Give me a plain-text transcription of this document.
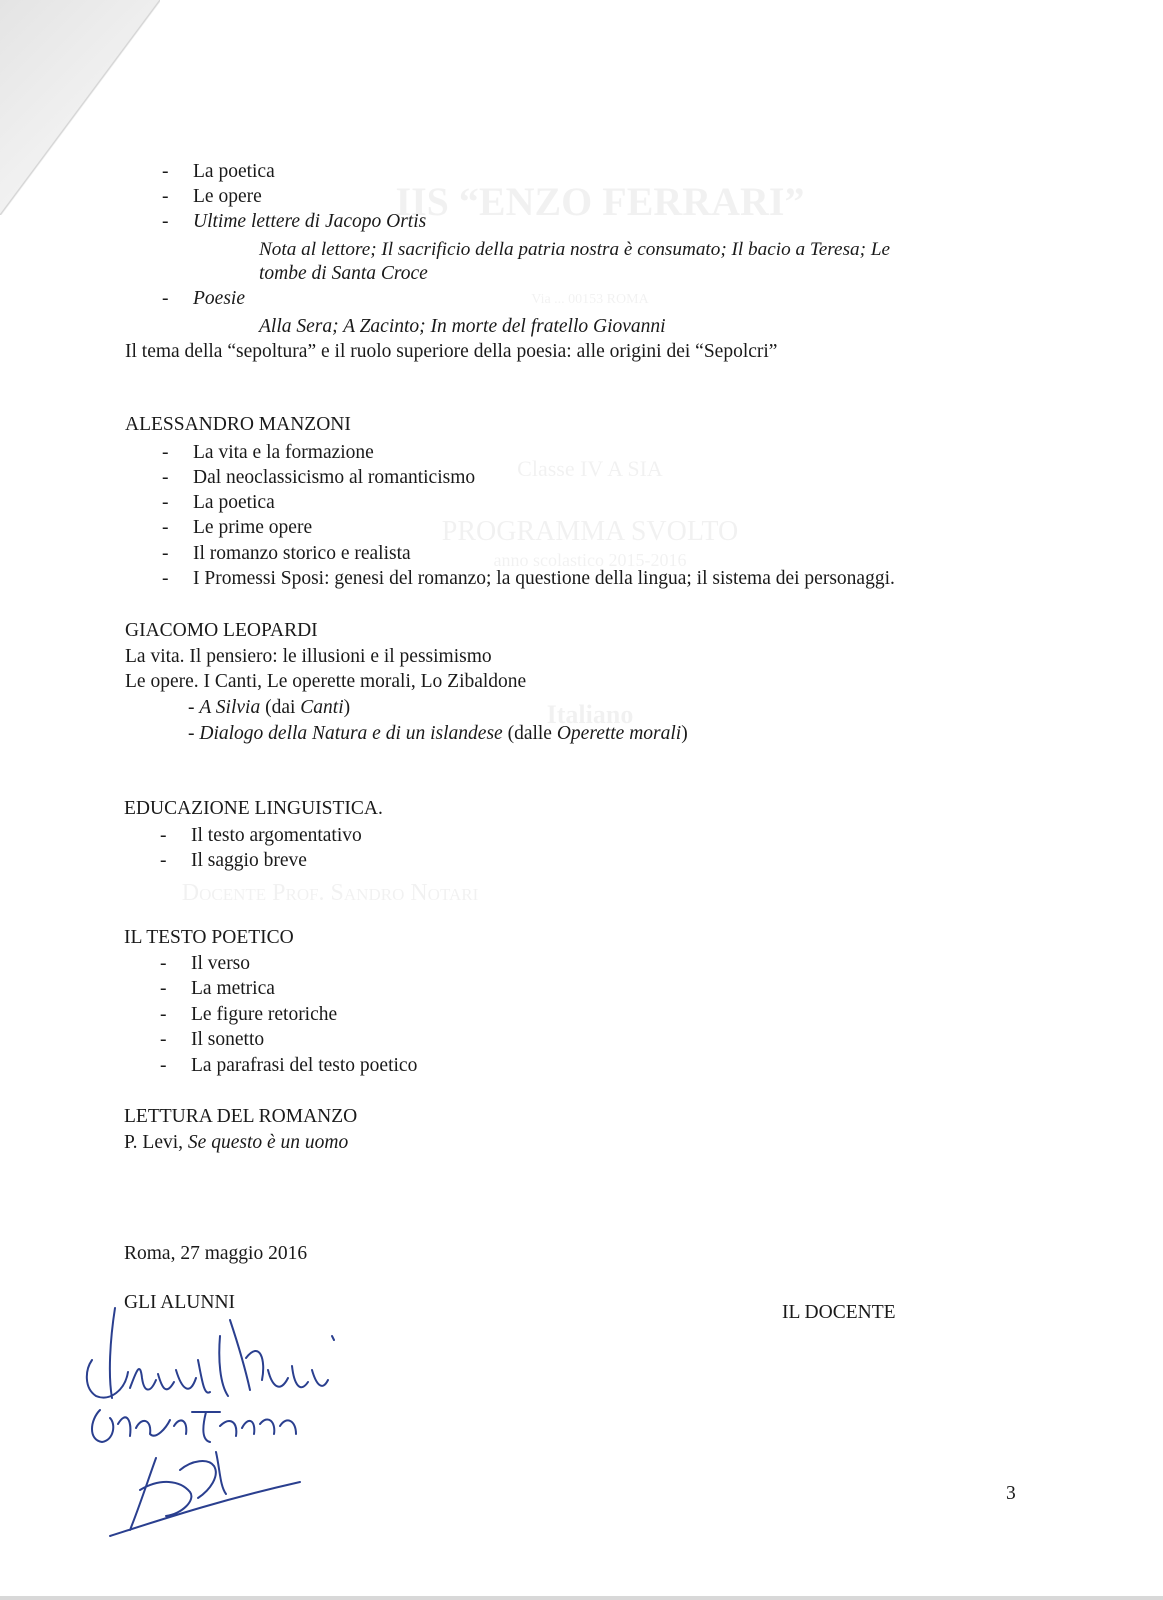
IIS “ENZO FERRARI”
Via ... 00153 ROMA
Classe IV A SIA
PROGRAMMA SVOLTO
anno scolastico 2015-2016
Italiano
Docente Prof. Sandro Notari
- La poetica
- Le opere
- Ultime lettere di Jacopo Ortis
Nota al lettore; Il sacrificio della patria nostra è consumato; Il bacio a Teresa; Le
tombe di Santa Croce
- Poesie
Alla Sera; A Zacinto; In morte del fratello Giovanni
Il tema della “sepoltura” e il ruolo superiore della poesia: alle origini dei “Sepolcri”
ALESSANDRO MANZONI
- La vita e la formazione
- Dal neoclassicismo al romanticismo
- La poetica
- Le prime opere
- Il romanzo storico e realista
- I Promessi Sposi: genesi del romanzo; la questione della lingua; il sistema dei personaggi.
GIACOMO LEOPARDI
La vita. Il pensiero: le illusioni e il pessimismo
Le opere. I Canti, Le operette morali, Lo Zibaldone
- A Silvia (dai Canti)
- Dialogo della Natura e di un islandese (dalle Operette morali)
EDUCAZIONE LINGUISTICA.
- Il testo argomentativo
- Il saggio breve
IL TESTO POETICO
- Il verso
- La metrica
- Le figure retoriche
- Il sonetto
- La parafrasi del testo poetico
LETTURA DEL ROMANZO
P. Levi, Se questo è un uomo
Roma, 27 maggio 2016
GLI ALUNNI	IL DOCENTE
3
